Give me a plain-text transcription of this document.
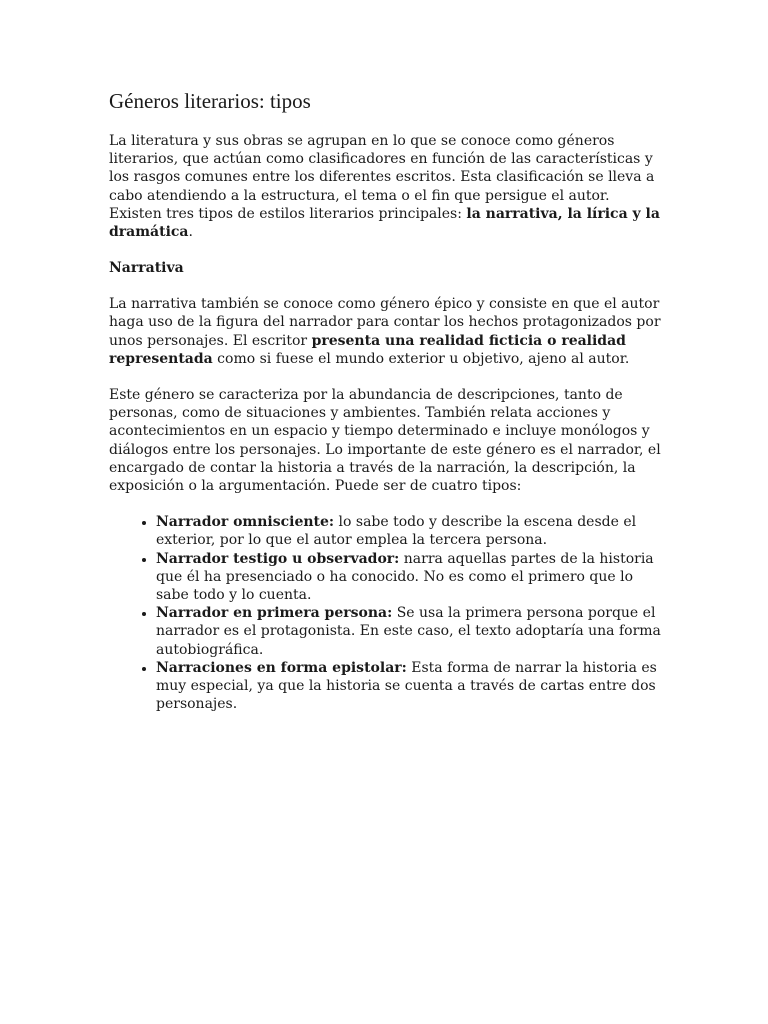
Géneros literarios: tipos

La literatura y sus obras se agrupan en lo que se conoce como géneros literarios, que actúan como clasificadores en función de las características y los rasgos comunes entre los diferentes escritos. Esta clasificación se lleva a cabo atendiendo a la estructura, el tema o el fin que persigue el autor. Existen tres tipos de estilos literarios principales: la narrativa, la lírica y la dramática.

Narrativa

La narrativa también se conoce como género épico y consiste en que el autor haga uso de la figura del narrador para contar los hechos protagonizados por unos personajes. El escritor presenta una realidad ficticia o realidad representada como si fuese el mundo exterior u objetivo, ajeno al autor.

Este género se caracteriza por la abundancia de descripciones, tanto de personas, como de situaciones y ambientes. También relata acciones y acontecimientos en un espacio y tiempo determinado e incluye monólogos y diálogos entre los personajes. Lo importante de este género es el narrador, el encargado de contar la historia a través de la narración, la descripción, la exposición o la argumentación. Puede ser de cuatro tipos:

• Narrador omnisciente: lo sabe todo y describe la escena desde el exterior, por lo que el autor emplea la tercera persona.
• Narrador testigo u observador: narra aquellas partes de la historia que él ha presenciado o ha conocido. No es como el primero que lo sabe todo y lo cuenta.
• Narrador en primera persona: Se usa la primera persona porque el narrador es el protagonista. En este caso, el texto adoptaría una forma autobiográfica.
• Narraciones en forma epistolar: Esta forma de narrar la historia es muy especial, ya que la historia se cuenta a través de cartas entre dos personajes.
